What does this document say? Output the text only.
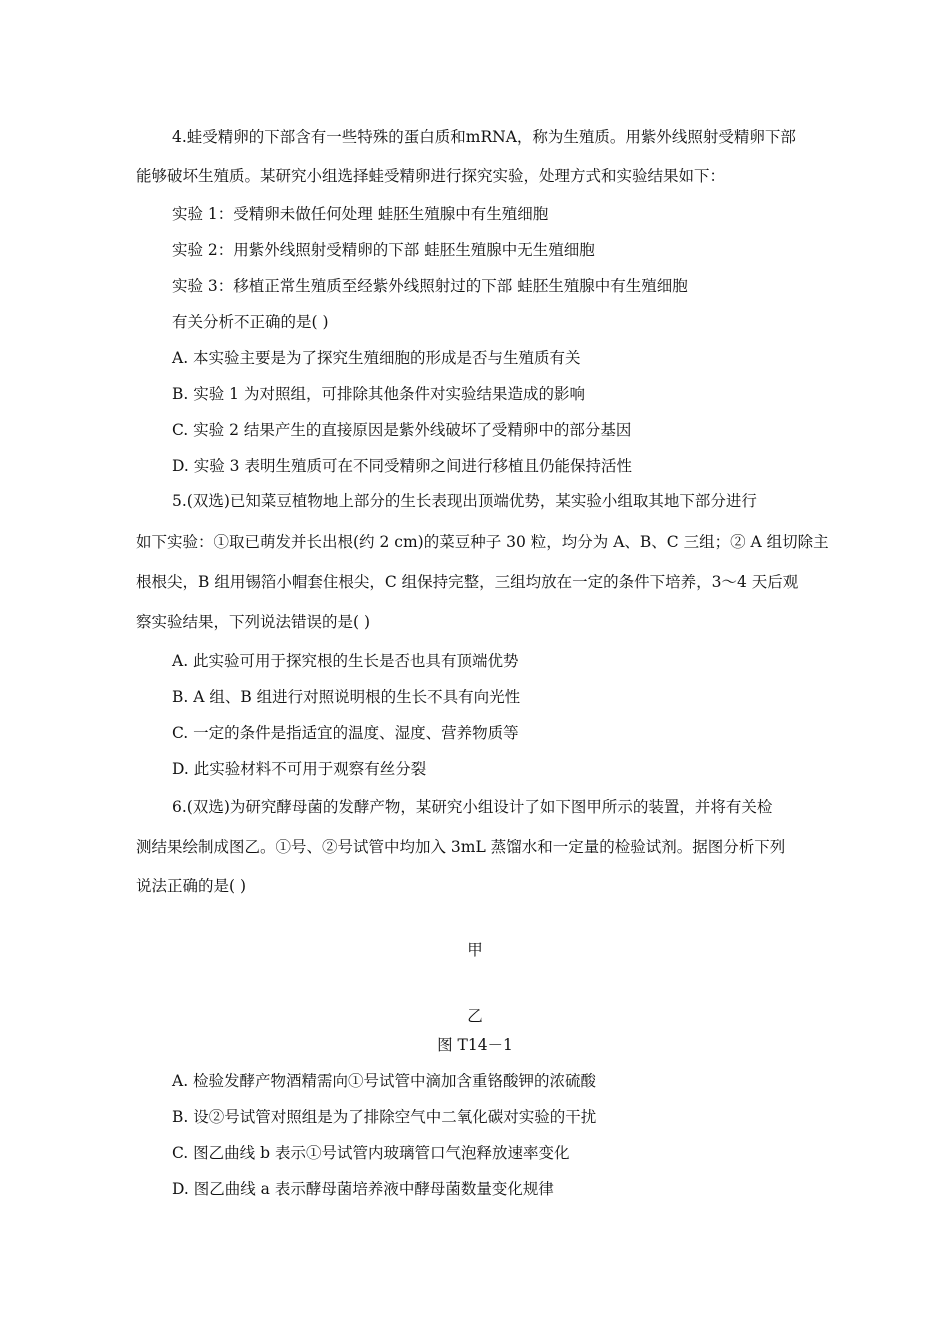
4.蛙受精卵的下部含有一些特殊的蛋白质和mRNA，称为生殖质。用紫外线照射受精卵下部
能够破坏生殖质。某研究小组选择蛙受精卵进行探究实验，处理方式和实验结果如下：
实验 1：受精卵未做任何处理 蛙胚生殖腺中有生殖细胞
实验 2：用紫外线照射受精卵的下部 蛙胚生殖腺中无生殖细胞
实验 3：移植正常生殖质至经紫外线照射过的下部 蛙胚生殖腺中有生殖细胞
有关分析不正确的是( )
A. 本实验主要是为了探究生殖细胞的形成是否与生殖质有关
B. 实验 1 为对照组，可排除其他条件对实验结果造成的影响
C. 实验 2 结果产生的直接原因是紫外线破坏了受精卵中的部分基因
D. 实验 3 表明生殖质可在不同受精卵之间进行移植且仍能保持活性
5.(双选)已知菜豆植物地上部分的生长表现出顶端优势，某实验小组取其地下部分进行
如下实验：①取已萌发并长出根(约 2 cm)的菜豆种子 30 粒，均分为 A、B、C 三组；② A 组切除主
根根尖，B 组用锡箔小帽套住根尖，C 组保持完整，三组均放在一定的条件下培养，3～4 天后观
察实验结果，下列说法错误的是( )
A. 此实验可用于探究根的生长是否也具有顶端优势
B. A 组、B 组进行对照说明根的生长不具有向光性
C. 一定的条件是指适宜的温度、湿度、营养物质等
D. 此实验材料不可用于观察有丝分裂
6.(双选)为研究酵母菌的发酵产物，某研究小组设计了如下图甲所示的装置，并将有关检
测结果绘制成图乙。①号、②号试管中均加入 3mL 蒸馏水和一定量的检验试剂。据图分析下列
说法正确的是( )
甲
乙
图 T14－1
A. 检验发酵产物酒精需向①号试管中滴加含重铬酸钾的浓硫酸
B. 设②号试管对照组是为了排除空气中二氧化碳对实验的干扰
C. 图乙曲线 b 表示①号试管内玻璃管口气泡释放速率变化
D. 图乙曲线 a 表示酵母菌培养液中酵母菌数量变化规律
